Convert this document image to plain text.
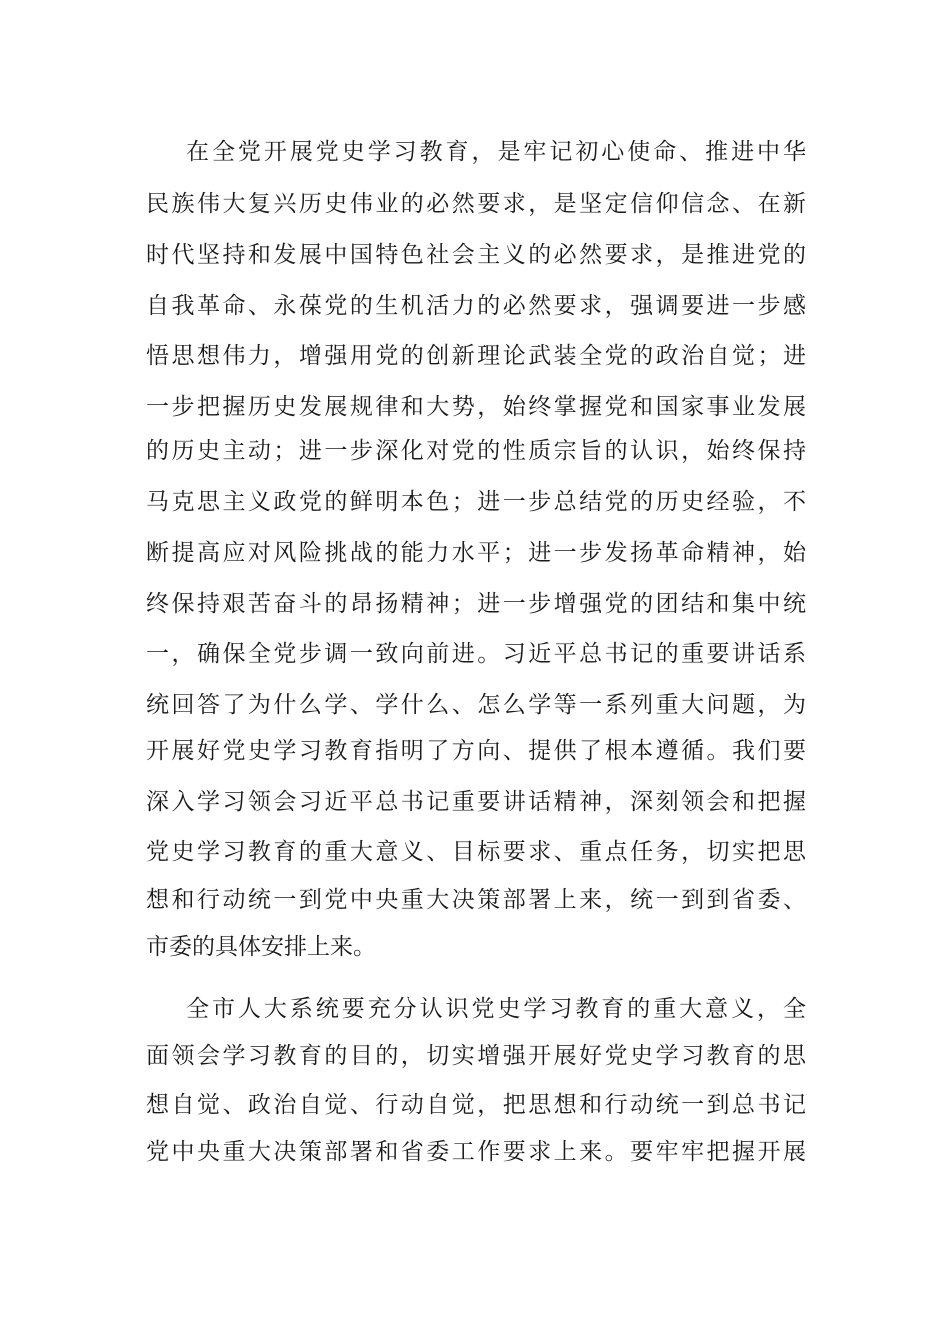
在全党开展党史学习教育，是牢记初心使命、推进中华
民族伟大复兴历史伟业的必然要求，是坚定信仰信念、在新
时代坚持和发展中国特色社会主义的必然要求，是推进党的
自我革命、永葆党的生机活力的必然要求，强调要进一步感
悟思想伟力，增强用党的创新理论武装全党的政治自觉；进
一步把握历史发展规律和大势，始终掌握党和国家事业发展
的历史主动；进一步深化对党的性质宗旨的认识，始终保持
马克思主义政党的鲜明本色；进一步总结党的历史经验，不
断提高应对风险挑战的能力水平；进一步发扬革命精神，始
终保持艰苦奋斗的昂扬精神；进一步增强党的团结和集中统
一，确保全党步调一致向前进。习近平总书记的重要讲话系
统回答了为什么学、学什么、怎么学等一系列重大问题，为
开展好党史学习教育指明了方向、提供了根本遵循。我们要
深入学习领会习近平总书记重要讲话精神，深刻领会和把握
党史学习教育的重大意义、目标要求、重点任务，切实把思
想和行动统一到党中央重大决策部署上来，统一到到省委、
市委的具体安排上来。
全市人大系统要充分认识党史学习教育的重大意义，全
面领会学习教育的目的，切实增强开展好党史学习教育的思
想自觉、政治自觉、行动自觉，把思想和行动统一到总书记
党中央重大决策部署和省委工作要求上来。要牢牢把握开展
